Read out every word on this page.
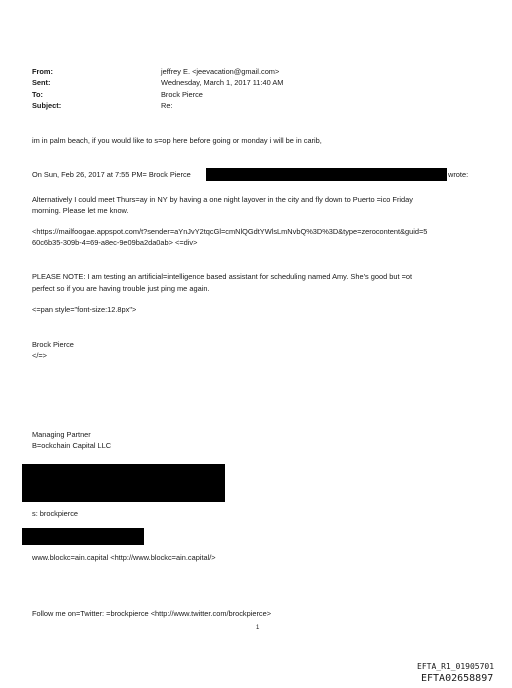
From:	jeffrey E. <jeevacation@gmail.com>
Sent:	Wednesday, March 1, 2017 11:40 AM
To:	Brock Pierce
Subject:	Re:
im in palm beach, if you would like to s=op here before going or monday i will be in carib,
On Sun, Feb 26, 2017 at 7:55 PM= Brock Pierce	wrote:
Alternatively I could meet Thurs=ay in NY by having a one night layover in the city and fly down to Puerto =ico Friday
morning. Please let me know.
<https://mailfoogae.appspot.com/t?sender=aYnJvY2tqcGl=cmNlQGdtYWlsLmNvbQ%3D%3D&type=zerocontent&guid=5
60c6b35-309b-4=69-a8ec-9e09ba2da0ab> <=div>
PLEASE NOTE: I am testing an artificial=intelligence based assistant for scheduling named Amy. She's good but =ot
perfect so if you are having trouble just ping me again.
<=pan style="font-size:12.8px">
Brock Pierce
</=>
Managing Partner
B=ockchain Capital LLC
s: brockpierce
www.blockc=ain.capital <http://www.blockc=ain.capital/>
Follow me on=Twitter: =brockpierce <http://www.twitter.com/brockpierce>
1
EFTA_R1_01905701
EFTA02658897
